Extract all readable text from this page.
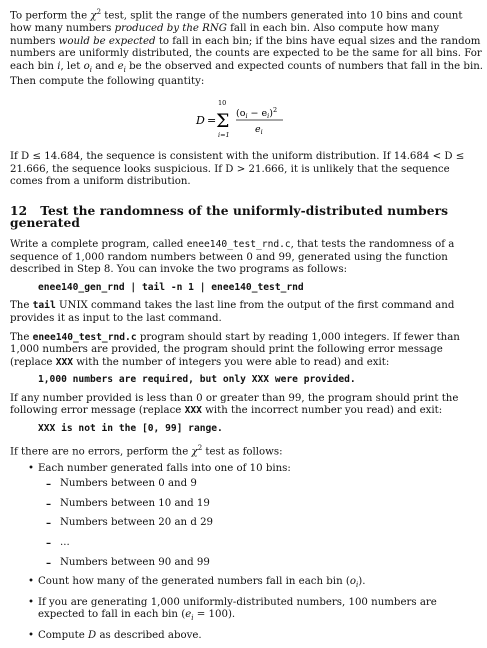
To perform the $\chi^2$ test, split the range of the numbers generated into 10 bins and count how many numbers produced by the RNG fall in each bin. Also compute how many numbers would be expected to fall in each bin; if the bins have equal sizes and the random numbers are uniformly distributed, the counts are expected to be the same for all bins. For each bin i, let $o_i$ and $e_i$ be the observed and expected counts of numbers that fall in the bin. Then compute the following quantity:

D = Σ
10
i=1
$(o_i - e_i)^2$
$e_i$

If D ≤ 14.684, the sequence is consistent with the uniform distribution. If 14.684 < D ≤ 21.666, the sequence looks suspicious. If D > 21.666, it is unlikely that the sequence comes from a uniform distribution.

12 Test the randomness of the uniformly-distributed numbers generated

Write a complete program, called enee140_test_rnd.c, that tests the randomness of a sequence of 1,000 random numbers between 0 and 99, generated using the function described in Step 8. You can invoke the two programs as follows:

enee140_gen_rnd | tail -n 1 | enee140_test_rnd

The tail UNIX command takes the last line from the output of the first command and provides it as input to the last command.

The enee140_test_rnd.c program should start by reading 1,000 integers. If fewer than 1,000 numbers are provided, the program should print the following error message (replace XXX with the number of integers you were able to read) and exit:

1,000 numbers are required, but only XXX were provided.

If any number provided is less than 0 or greater than 99, the program should print the following error message (replace XXX with the incorrect number you read) and exit:

XXX is not in the [0, 99] range.

If there are no errors, perform the $\chi^2$ test as follows:

• Each number generated falls into one of 10 bins:
– Numbers between 0 and 9
– Numbers between 10 and 19
– Numbers between 20 an d 29
– ...
– Numbers between 90 and 99
• Count how many of the generated numbers fall in each bin $(o_i)$.
• If you are generating 1,000 uniformly-distributed numbers, 100 numbers are expected to fall in each bin $(e_i = 100)$.
• Compute D as described above.
